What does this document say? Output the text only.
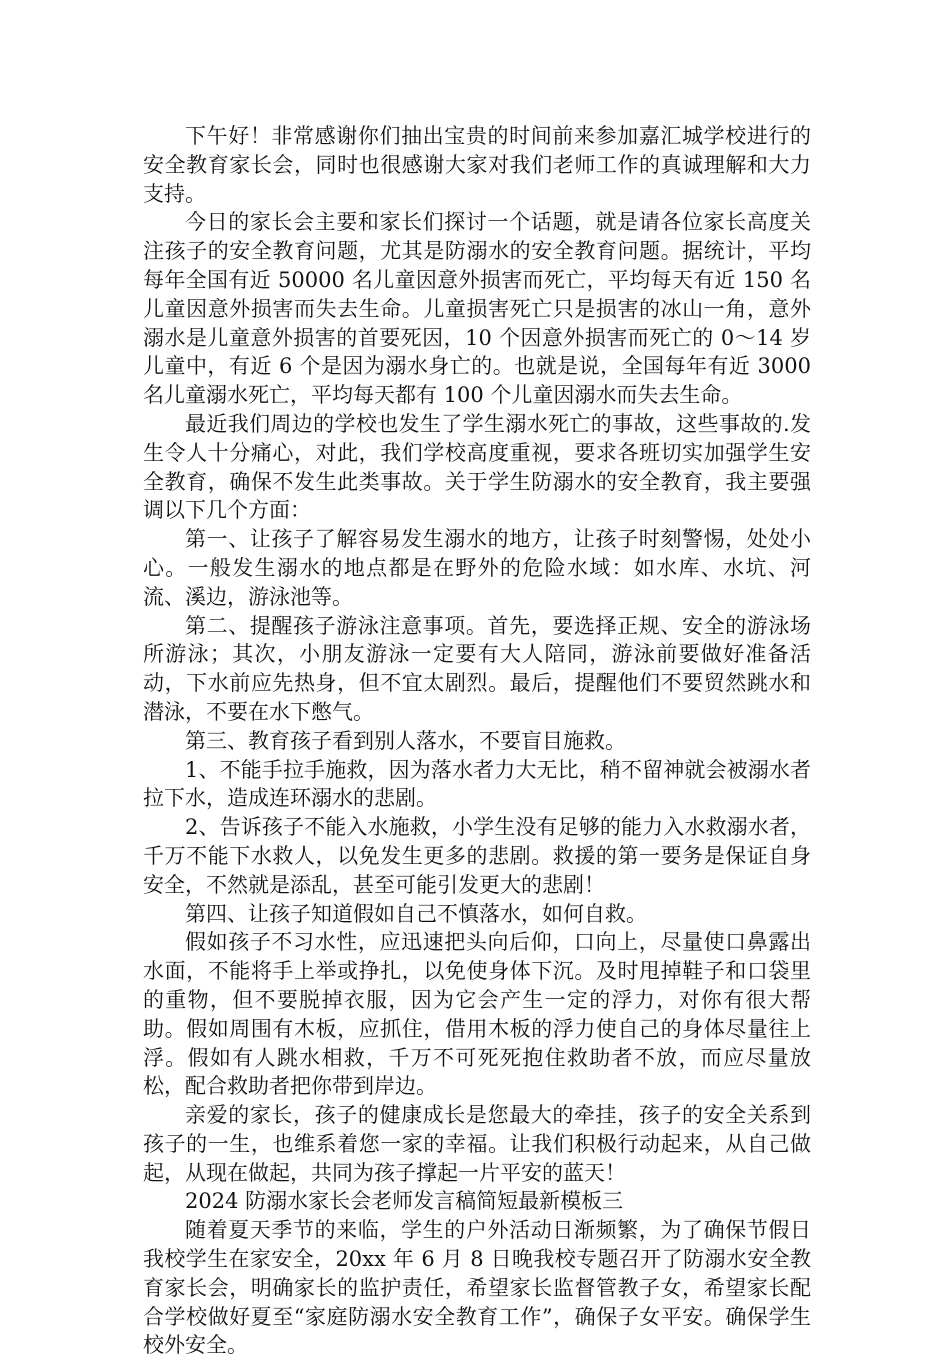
下午好！非常感谢你们抽出宝贵的时间前来参加嘉汇城学校进行的安全教育家长会，同时也很感谢大家对我们老师工作的真诚理解和大力支持。

今日的家长会主要和家长们探讨一个话题，就是请各位家长高度关注孩子的安全教育问题，尤其是防溺水的安全教育问题。据统计，平均每年全国有近 50000 名儿童因意外损害而死亡，平均每天有近 150 名儿童因意外损害而失去生命。儿童损害死亡只是损害的冰山一角，意外溺水是儿童意外损害的首要死因，10 个因意外损害而死亡的 0～14 岁儿童中，有近 6 个是因为溺水身亡的。也就是说，全国每年有近 3000 名儿童溺水死亡，平均每天都有 100 个儿童因溺水而失去生命。

最近我们周边的学校也发生了学生溺水死亡的事故，这些事故的.发生令人十分痛心，对此，我们学校高度重视，要求各班切实加强学生安全教育，确保不发生此类事故。关于学生防溺水的安全教育，我主要强调以下几个方面：

第一、让孩子了解容易发生溺水的地方，让孩子时刻警惕，处处小心。一般发生溺水的地点都是在野外的危险水域：如水库、水坑、河流、溪边，游泳池等。

第二、提醒孩子游泳注意事项。首先，要选择正规、安全的游泳场所游泳；其次，小朋友游泳一定要有大人陪同，游泳前要做好准备活动，下水前应先热身，但不宜太剧烈。最后，提醒他们不要贸然跳水和潜泳，不要在水下憋气。

第三、教育孩子看到别人落水，不要盲目施救。

1、不能手拉手施救，因为落水者力大无比，稍不留神就会被溺水者拉下水，造成连环溺水的悲剧。

2、告诉孩子不能入水施救，小学生没有足够的能力入水救溺水者，千万不能下水救人，以免发生更多的悲剧。救援的第一要务是保证自身安全，不然就是添乱，甚至可能引发更大的悲剧！

第四、让孩子知道假如自己不慎落水，如何自救。

假如孩子不习水性，应迅速把头向后仰，口向上，尽量使口鼻露出水面，不能将手上举或挣扎，以免使身体下沉。及时甩掉鞋子和口袋里的重物，但不要脱掉衣服，因为它会产生一定的浮力，对你有很大帮助。假如周围有木板，应抓住，借用木板的浮力使自己的身体尽量往上浮。假如有人跳水相救，千万不可死死抱住救助者不放，而应尽量放松，配合救助者把你带到岸边。

亲爱的家长，孩子的健康成长是您最大的牵挂，孩子的安全关系到孩子的一生，也维系着您一家的幸福。让我们积极行动起来，从自己做起，从现在做起，共同为孩子撑起一片平安的蓝天！

2024 防溺水家长会老师发言稿简短最新模板三

随着夏天季节的来临，学生的户外活动日渐频繁，为了确保节假日我校学生在家安全，20xx 年 6 月 8 日晚我校专题召开了防溺水安全教育家长会，明确家长的监护责任，希望家长监督管教子女，希望家长配合学校做好夏至“家庭防溺水安全教育工作”，确保子女平安。确保学生校外安全。
